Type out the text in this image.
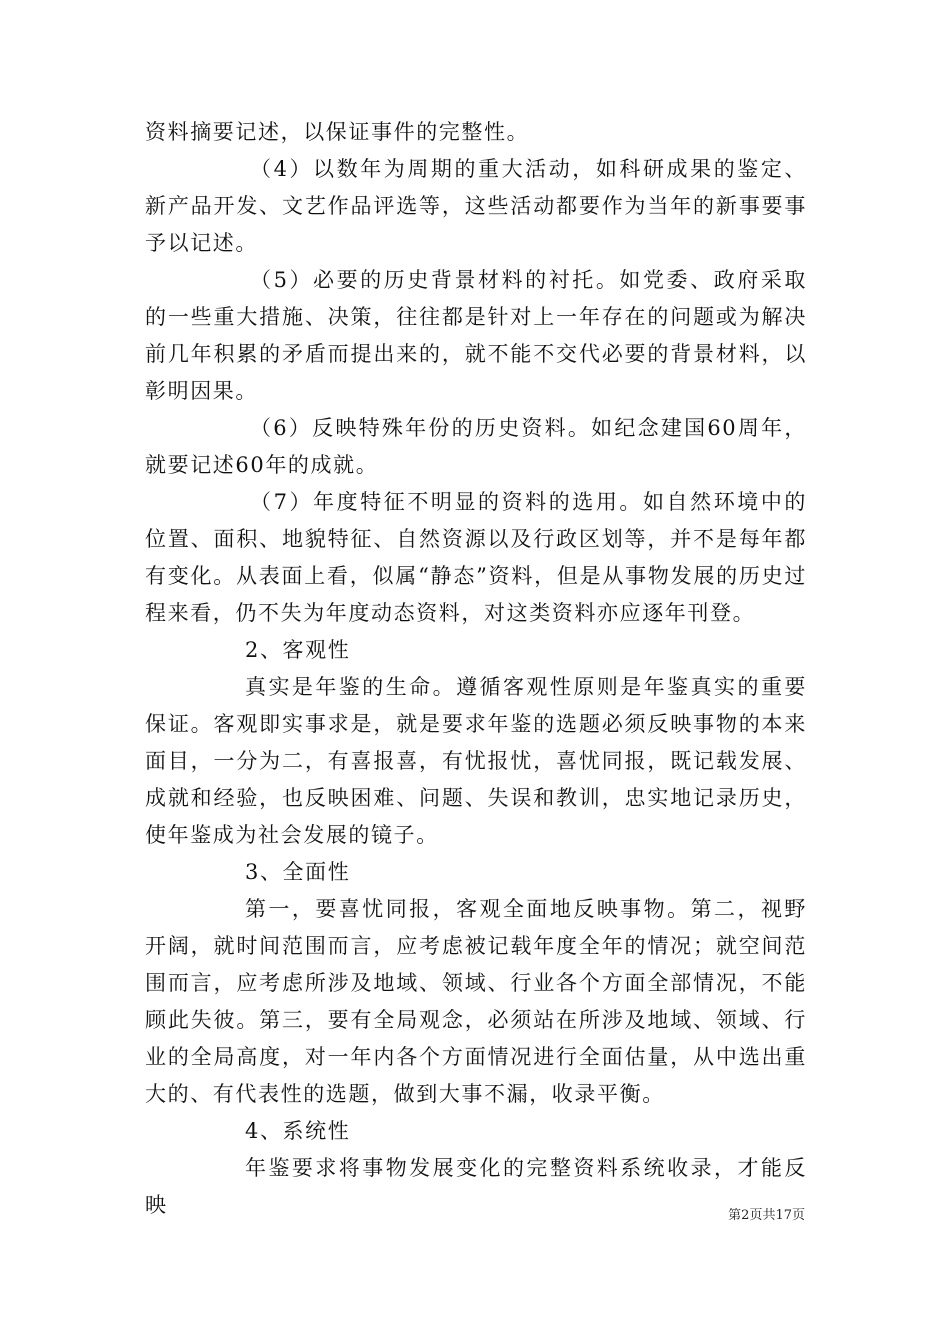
资料摘要记述，以保证事件的完整性。

（4）以数年为周期的重大活动，如科研成果的鉴定、新产品开发、文艺作品评选等，这些活动都要作为当年的新事要事予以记述。

（5）必要的历史背景材料的衬托。如党委、政府采取的一些重大措施、决策，往往都是针对上一年存在的问题或为解决前几年积累的矛盾而提出来的，就不能不交代必要的背景材料，以彰明因果。

（6）反映特殊年份的历史资料。如纪念建国60周年，就要记述60年的成就。

（7）年度特征不明显的资料的选用。如自然环境中的位置、面积、地貌特征、自然资源以及行政区划等，并不是每年都有变化。从表面上看，似属“静态”资料，但是从事物发展的历史过程来看，仍不失为年度动态资料，对这类资料亦应逐年刊登。

2、客观性

真实是年鉴的生命。遵循客观性原则是年鉴真实的重要保证。客观即实事求是，就是要求年鉴的选题必须反映事物的本来面目，一分为二，有喜报喜，有忧报忧，喜忧同报，既记载发展、成就和经验，也反映困难、问题、失误和教训，忠实地记录历史，使年鉴成为社会发展的镜子。

3、全面性

第一，要喜忧同报，客观全面地反映事物。第二，视野开阔，就时间范围而言，应考虑被记载年度全年的情况；就空间范围而言，应考虑所涉及地域、领域、行业各个方面全部情况，不能顾此失彼。第三，要有全局观念，必须站在所涉及地域、领域、行业的全局高度，对一年内各个方面情况进行全面估量，从中选出重大的、有代表性的选题，做到大事不漏，收录平衡。

4、系统性

年鉴要求将事物发展变化的完整资料系统收录，才能反映	第2页共17页
